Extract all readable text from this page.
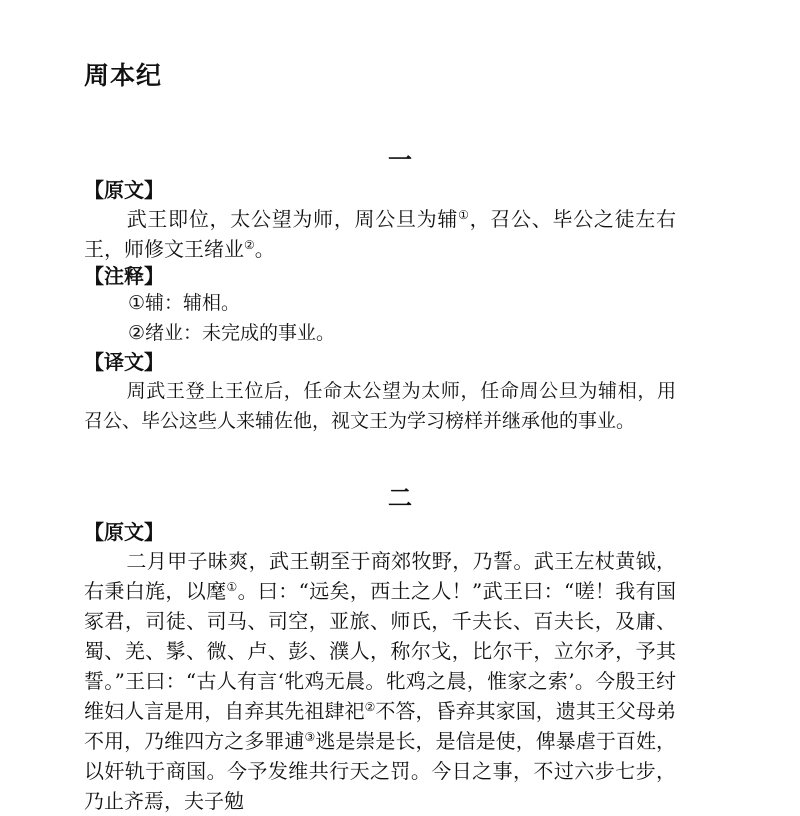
周本纪
一
【原文】
武王即位，太公望为师，周公旦为辅①，召公、毕公之徒左右王，师修文王绪业②。
【注释】
①辅：辅相。
②绪业：未完成的事业。
【译文】
周武王登上王位后，任命太公望为太师，任命周公旦为辅相，用召公、毕公这些人来辅佐他，视文王为学习榜样并继承他的事业。
二
【原文】
二月甲子昧爽，武王朝至于商郊牧野，乃誓。武王左杖黄钺，右秉白旄，以麾①。曰：“远矣，西土之人！”武王曰：“嗟！我有国冢君，司徒、司马、司空，亚旅、师氏，千夫长、百夫长，及庸、蜀、羌、髳、微、卢、彭、濮人，称尔戈，比尔干，立尔矛，予其誓。”王曰：“古人有言‘牝鸡无晨。牝鸡之晨，惟家之索’。今殷王纣维妇人言是用，自弃其先祖肆祀②不答，昏弃其家国，遗其王父母弟不用，乃维四方之多罪逋③逃是崇是长，是信是使，俾暴虐于百姓，以奸轨于商国。今予发维共行天之罚。今日之事，不过六步七步，乃止齐焉，夫子勉
